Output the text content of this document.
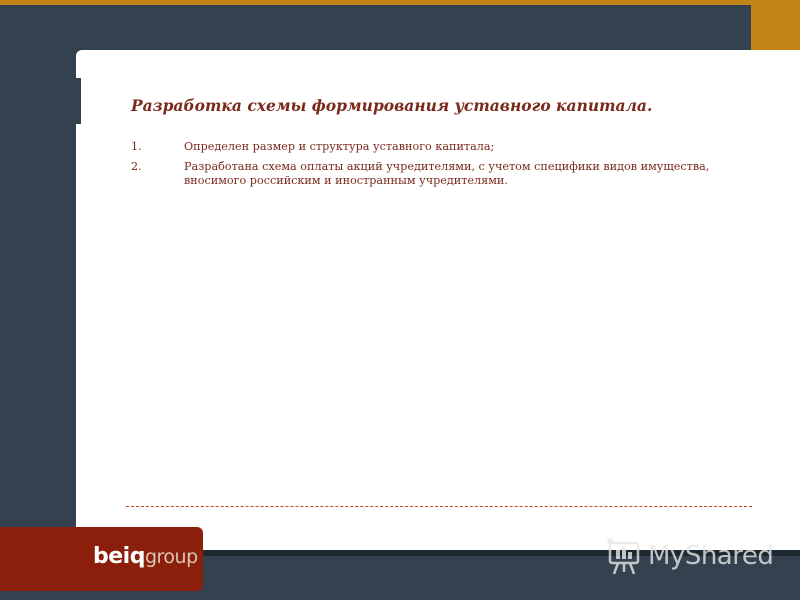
Разработка схемы формирования уставного капитала.
1.	Определен размер и структура уставного капитала;
2.	Разработана схема оплаты акций учредителями, с учетом специфики видов имущества, вносимого российским и иностранным учредителями.
beiqgroup	MyShared
